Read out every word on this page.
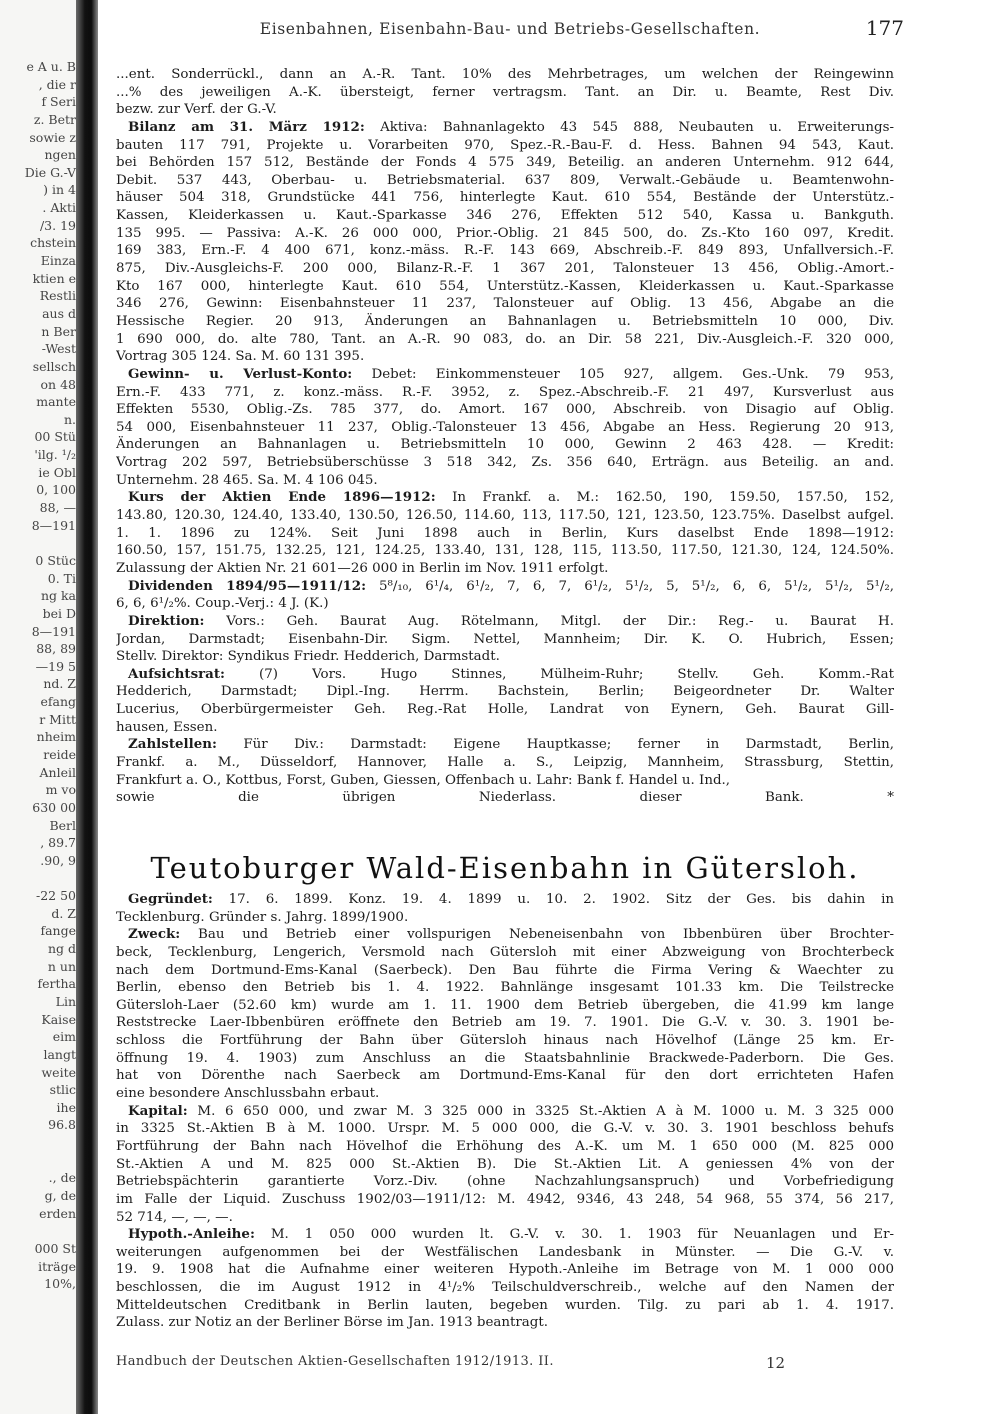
e A u. B
, die r
f Seri
z. Betr
sowie z
ngen
Die G.-V
) in 4
. Akti
/3. 19
chstein
Einza
ktien e
Restli
aus d
n Ber
-West
sellsch
on 48
mante
n.
00 Stü
'ilg. ¹/₂
ie Obl
0, 100
88, —
8—191
0 Stüc
0. Ti
ng ka
bei D
8—191
88, 89
—19 5
nd. Z
efang
r Mitt
nheim
reide
Anleil
m vo
630 00
Berl
, 89.7
.90, 9
-22 50
d. Z
fange
ng d
n un
fertha
Lin
Kaise
eim
langt
weite
stlic
ihe
96.8
., de
g, de
erden
000 St
iträge
10%,
Eisenbahnen, Eisenbahn-Bau- und Betriebs-Gesellschaften.	177
...ent. Sonderrückl., dann an A.-R. Tant. 10% des Mehrbetrages, um welchen der Reingewinn
...% des jeweiligen A.-K. übersteigt, ferner vertragsm. Tant. an Dir. u. Beamte, Rest Div.
bezw. zur Verf. der G.-V.
Bilanz am 31. März 1912: Aktiva: Bahnanlagekto 43 545 888, Neubauten u. Erweiterungs-
bauten 117 791, Projekte u. Vorarbeiten 970, Spez.-R.-Bau-F. d. Hess. Bahnen 94 543, Kaut.
bei Behörden 157 512, Bestände der Fonds 4 575 349, Beteilig. an anderen Unternehm. 912 644,
Debit. 537 443, Oberbau- u. Betriebsmaterial. 637 809, Verwalt.-Gebäude u. Beamtenwohn-
häuser 504 318, Grundstücke 441 756, hinterlegte Kaut. 610 554, Bestände der Unterstütz.-
Kassen, Kleiderkassen u. Kaut.-Sparkasse 346 276, Effekten 512 540, Kassa u. Bankguth.
135 995. — Passiva: A.-K. 26 000 000, Prior.-Oblig. 21 845 500, do. Zs.-Kto 160 097, Kredit.
169 383, Ern.-F. 4 400 671, konz.-mäss. R.-F. 143 669, Abschreib.-F. 849 893, Unfallversich.-F.
875, Div.-Ausgleichs-F. 200 000, Bilanz-R.-F. 1 367 201, Talonsteuer 13 456, Oblig.-Amort.-
Kto 167 000, hinterlegte Kaut. 610 554, Unterstütz.-Kassen, Kleiderkassen u. Kaut.-Sparkasse
346 276, Gewinn: Eisenbahnsteuer 11 237, Talonsteuer auf Oblig. 13 456, Abgabe an die
Hessische Regier. 20 913, Änderungen an Bahnanlagen u. Betriebsmitteln 10 000, Div.
1 690 000, do. alte 780, Tant. an A.-R. 90 083, do. an Dir. 58 221, Div.-Ausgleich.-F. 320 000,
Vortrag 305 124. Sa. M. 60 131 395.
Gewinn- u. Verlust-Konto: Debet: Einkommensteuer 105 927, allgem. Ges.-Unk. 79 953,
Ern.-F. 433 771, z. konz.-mäss. R.-F. 3952, z. Spez.-Abschreib.-F. 21 497, Kursverlust aus
Effekten 5530, Oblig.-Zs. 785 377, do. Amort. 167 000, Abschreib. von Disagio auf Oblig.
54 000, Eisenbahnsteuer 11 237, Oblig.-Talonsteuer 13 456, Abgabe an Hess. Regierung 20 913,
Änderungen an Bahnanlagen u. Betriebsmitteln 10 000, Gewinn 2 463 428. — Kredit:
Vortrag 202 597, Betriebsüberschüsse 3 518 342, Zs. 356 640, Erträgn. aus Beteilig. an and.
Unternehm. 28 465. Sa. M. 4 106 045.
Kurs der Aktien Ende 1896—1912: In Frankf. a. M.: 162.50, 190, 159.50, 157.50, 152,
143.80, 120.30, 124.40, 133.40, 130.50, 126.50, 114.60, 113, 117.50, 121, 123.50, 123.75%. Daselbst aufgel.
1. 1. 1896 zu 124%. Seit Juni 1898 auch in Berlin, Kurs daselbst Ende 1898—1912:
160.50, 157, 151.75, 132.25, 121, 124.25, 133.40, 131, 128, 115, 113.50, 117.50, 121.30, 124, 124.50%.
Zulassung der Aktien Nr. 21 601—26 000 in Berlin im Nov. 1911 erfolgt.
Dividenden 1894/95—1911/12: 5⁸/₁₀, 6¹/₄, 6¹/₂, 7, 6, 7, 6¹/₂, 5¹/₂, 5, 5¹/₂, 6, 6, 5¹/₂, 5¹/₂, 5¹/₂,
6, 6, 6¹/₂%. Coup.-Verj.: 4 J. (K.)
Direktion: Vors.: Geh. Baurat Aug. Rötelmann, Mitgl. der Dir.: Reg.- u. Baurat H.
Jordan, Darmstadt; Eisenbahn-Dir. Sigm. Nettel, Mannheim; Dir. K. O. Hubrich, Essen;
Stellv. Direktor: Syndikus Friedr. Hedderich, Darmstadt.
Aufsichtsrat: (7) Vors. Hugo Stinnes, Mülheim-Ruhr; Stellv. Geh. Komm.-Rat
Hedderich, Darmstadt; Dipl.-Ing. Herrm. Bachstein, Berlin; Beigeordneter Dr. Walter
Lucerius, Oberbürgermeister Geh. Reg.-Rat Holle, Landrat von Eynern, Geh. Baurat Gill-
hausen, Essen.
Zahlstellen: Für Div.: Darmstadt: Eigene Hauptkasse; ferner in Darmstadt, Berlin,
Frankf. a. M., Düsseldorf, Hannover, Halle a. S., Leipzig, Mannheim, Strassburg, Stettin,
Frankfurt a. O., Kottbus, Forst, Guben, Giessen, Offenbach u. Lahr: Bank f. Handel u. Ind.,
sowie die übrigen Niederlass. dieser Bank. *
Teutoburger Wald-Eisenbahn in Gütersloh.
Gegründet: 17. 6. 1899. Konz. 19. 4. 1899 u. 10. 2. 1902. Sitz der Ges. bis dahin in
Tecklenburg. Gründer s. Jahrg. 1899/1900.
Zweck: Bau und Betrieb einer vollspurigen Nebeneisenbahn von Ibbenbüren über Brochter-
beck, Tecklenburg, Lengerich, Versmold nach Gütersloh mit einer Abzweigung von Brochterbeck
nach dem Dortmund-Ems-Kanal (Saerbeck). Den Bau führte die Firma Vering & Waechter zu
Berlin, ebenso den Betrieb bis 1. 4. 1922. Bahnlänge insgesamt 101.33 km. Die Teilstrecke
Gütersloh-Laer (52.60 km) wurde am 1. 11. 1900 dem Betrieb übergeben, die 41.99 km lange
Reststrecke Laer-Ibbenbüren eröffnete den Betrieb am 19. 7. 1901. Die G.-V. v. 30. 3. 1901 be-
schloss die Fortführung der Bahn über Gütersloh hinaus nach Hövelhof (Länge 25 km. Er-
öffnung 19. 4. 1903) zum Anschluss an die Staatsbahnlinie Brackwede-Paderborn. Die Ges.
hat von Dörenthe nach Saerbeck am Dortmund-Ems-Kanal für den dort errichteten Hafen
eine besondere Anschlussbahn erbaut.
Kapital: M. 6 650 000, und zwar M. 3 325 000 in 3325 St.-Aktien A à M. 1000 u. M. 3 325 000
in 3325 St.-Aktien B à M. 1000. Urspr. M. 5 000 000, die G.-V. v. 30. 3. 1901 beschloss behufs
Fortführung der Bahn nach Hövelhof die Erhöhung des A.-K. um M. 1 650 000 (M. 825 000
St.-Aktien A und M. 825 000 St.-Aktien B). Die St.-Aktien Lit. A geniessen 4% von der
Betriebspächterin garantierte Vorz.-Div. (ohne Nachzahlungsanspruch) und Vorbefriedigung
im Falle der Liquid. Zuschuss 1902/03—1911/12: M. 4942, 9346, 43 248, 54 968, 55 374, 56 217,
52 714, —, —, —.
Hypoth.-Anleihe: M. 1 050 000 wurden lt. G.-V. v. 30. 1. 1903 für Neuanlagen und Er-
weiterungen aufgenommen bei der Westfälischen Landesbank in Münster. — Die G.-V. v.
19. 9. 1908 hat die Aufnahme einer weiteren Hypoth.-Anleihe im Betrage von M. 1 000 000
beschlossen, die im August 1912 in 4¹/₂% Teilschuldverschreib., welche auf den Namen der
Mitteldeutschen Creditbank in Berlin lauten, begeben wurden. Tilg. zu pari ab 1. 4. 1917.
Zulass. zur Notiz an der Berliner Börse im Jan. 1913 beantragt.
Handbuch der Deutschen Aktien-Gesellschaften 1912/1913. II.	12
